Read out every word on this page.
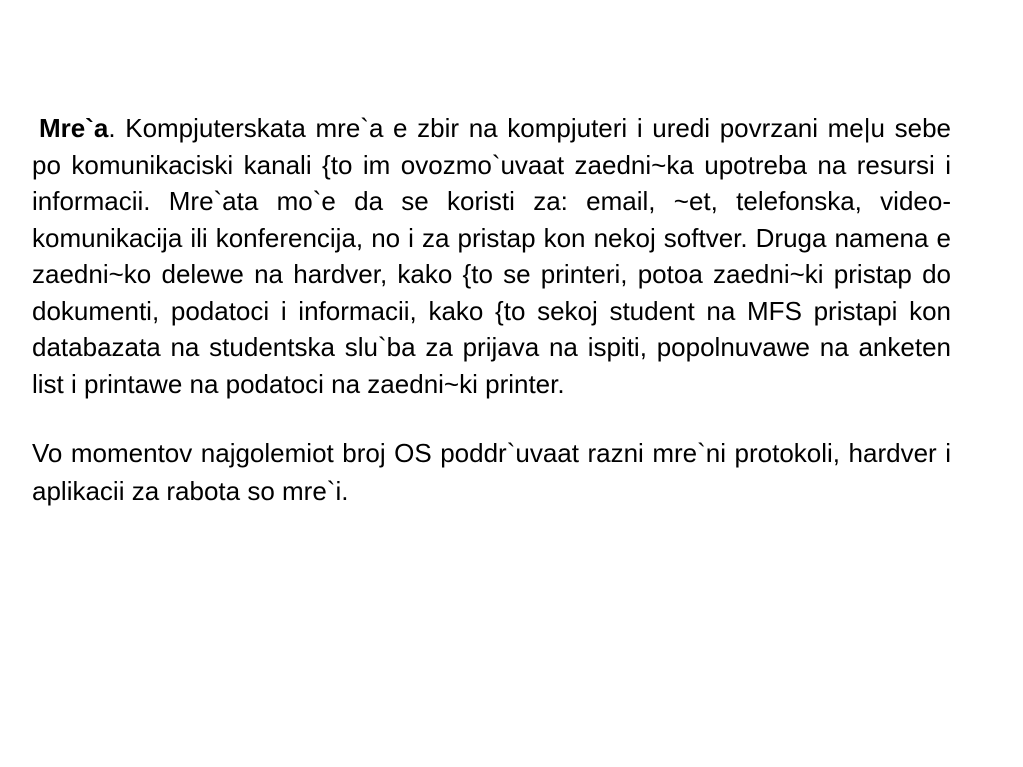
Mre`a. Kompjuterskata mre`a e zbir na kompjuteri i uredi povrzani me|u sebe po komunikaciski kanali {to im ovozmo`uvaat zaedni~ka upotreba na resursi i informacii. Mre`ata mo`e da se koristi za: email, ~et, telefonska, video-komunikacija ili konferencija, no i za pristap kon nekoj softver. Druga namena e zaedni~ko delewe na hardver, kako {to se printeri, potoa zaedni~ki pristap do dokumenti, podatoci i informacii, kako {to sekoj student na MFS pristapi kon databazata na studentska slu`ba za prijava na ispiti, popolnuvawe na anketen list i printawe na podatoci na zaedni~ki printer.

Vo momentov najgolemiot broj OS poddr`uvaat razni mre`ni protokoli, hardver i aplikacii za rabota so mre`i.
